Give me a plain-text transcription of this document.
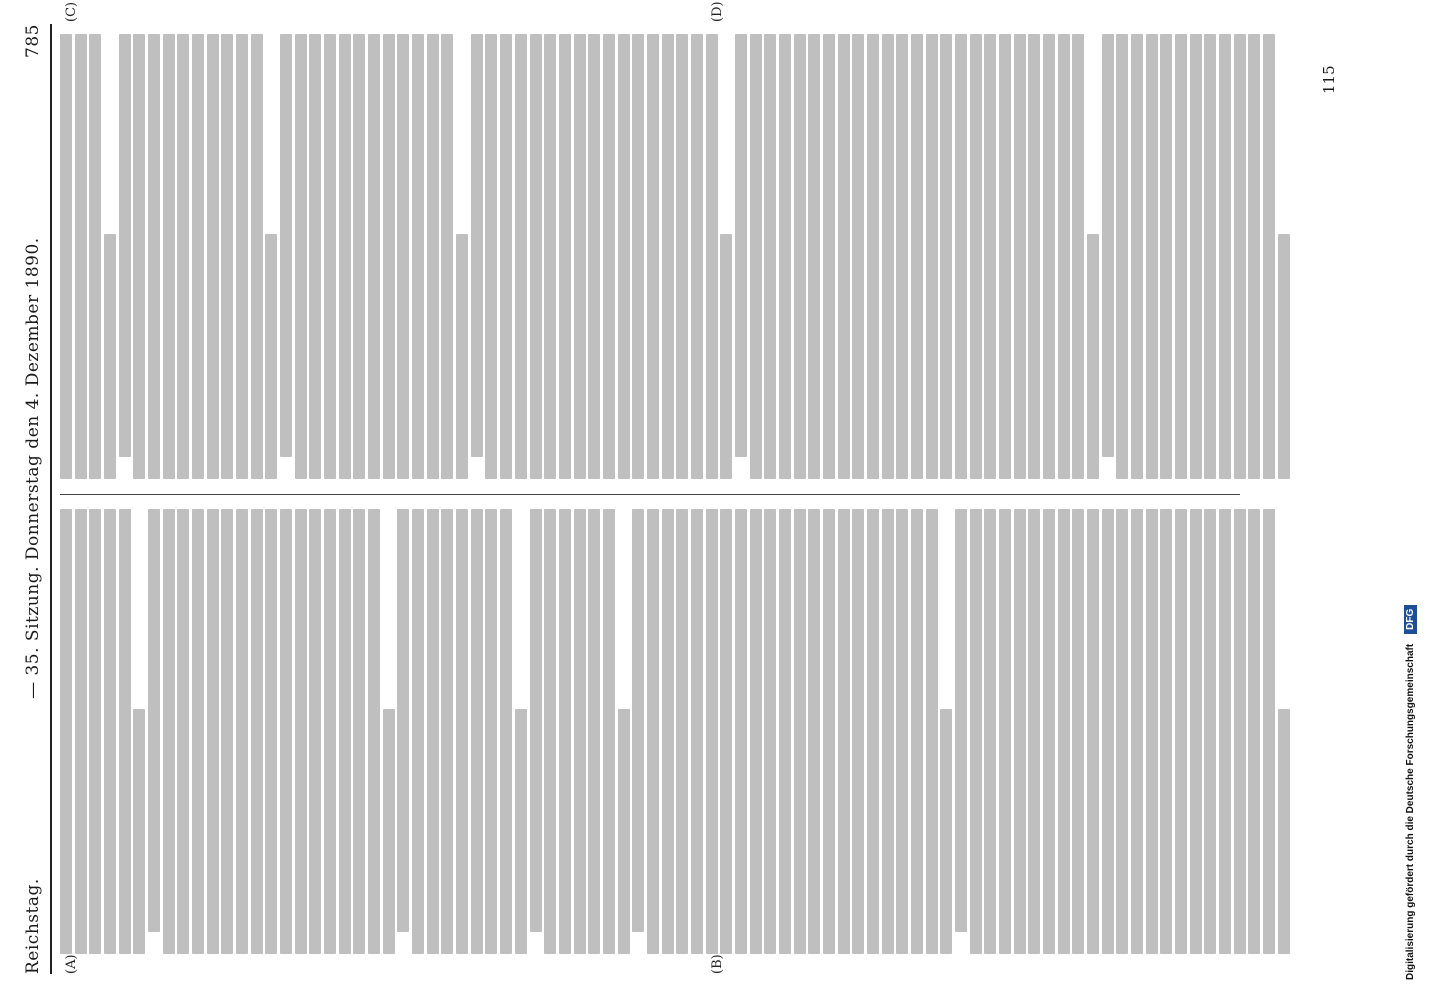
Reichstag.
— 35. Sitzung. Donnerstag den 4. Dezember 1890.
785
(A)	(B)
(C)	(D)
115
Digitalisierung gefördert durch die Deutsche Forschungsgemeinschaft
DFG
